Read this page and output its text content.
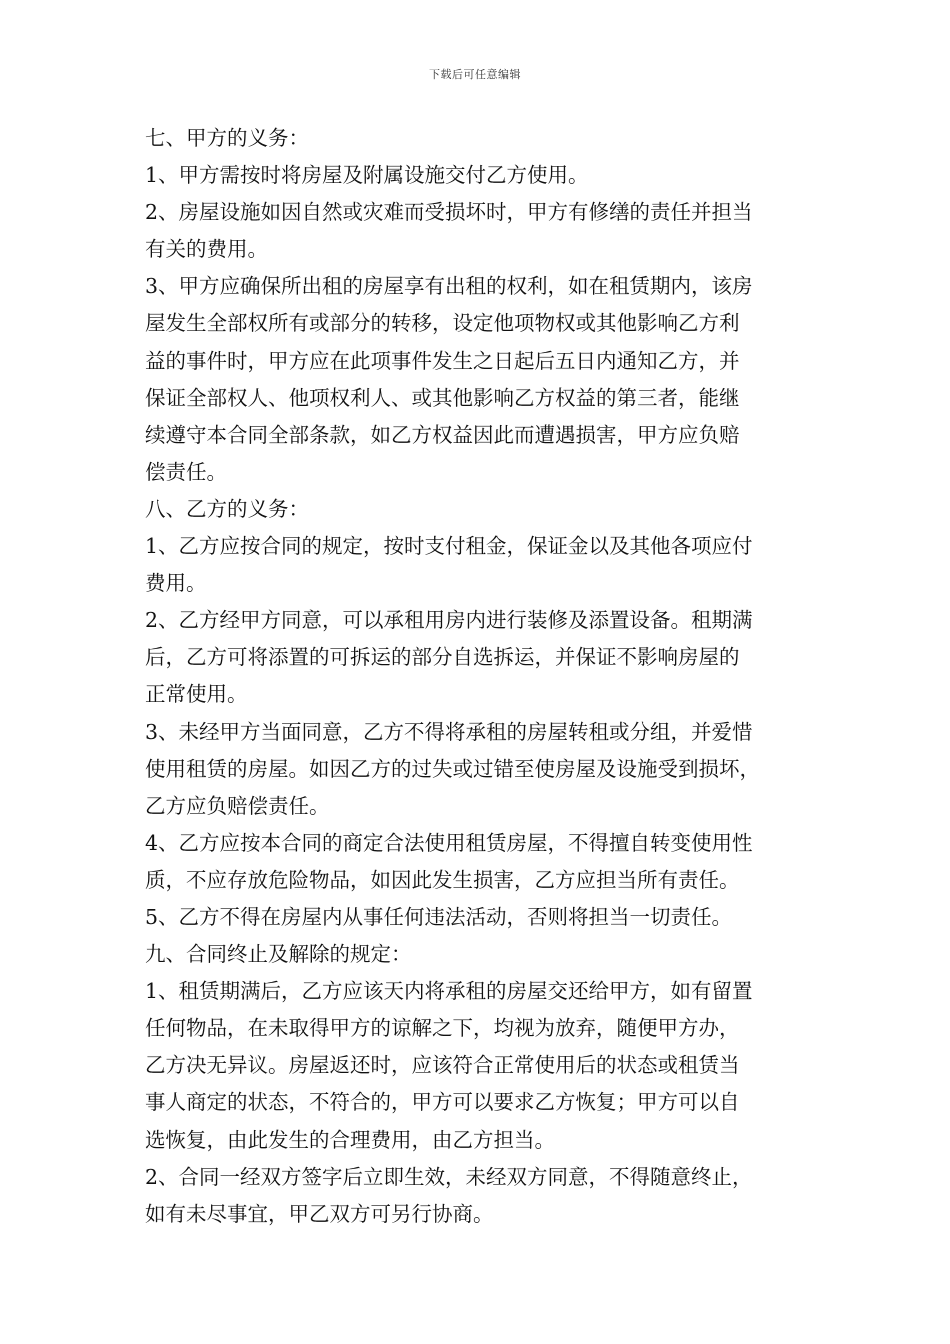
下载后可任意编辑
七、甲方的义务：
1、甲方需按时将房屋及附属设施交付乙方使用。
2、房屋设施如因自然或灾难而受损坏时，甲方有修缮的责任并担当
有关的费用。
3、甲方应确保所出租的房屋享有出租的权利，如在租赁期内，该房
屋发生全部权所有或部分的转移，设定他项物权或其他影响乙方利
益的事件时，甲方应在此项事件发生之日起后五日内通知乙方，并
保证全部权人、他项权利人、或其他影响乙方权益的第三者，能继
续遵守本合同全部条款，如乙方权益因此而遭遇损害，甲方应负赔
偿责任。
八、乙方的义务：
1、乙方应按合同的规定，按时支付租金，保证金以及其他各项应付
费用。
2、乙方经甲方同意，可以承租用房内进行装修及添置设备。租期满
后，乙方可将添置的可拆运的部分自选拆运，并保证不影响房屋的
正常使用。
3、未经甲方当面同意，乙方不得将承租的房屋转租或分组，并爱惜
使用租赁的房屋。如因乙方的过失或过错至使房屋及设施受到损坏，
乙方应负赔偿责任。
4、乙方应按本合同的商定合法使用租赁房屋，不得擅自转变使用性
质，不应存放危险物品，如因此发生损害，乙方应担当所有责任。
5、乙方不得在房屋内从事任何违法活动，否则将担当一切责任。
九、合同终止及解除的规定：
1、租赁期满后，乙方应该天内将承租的房屋交还给甲方，如有留置
任何物品，在未取得甲方的谅解之下，均视为放弃，随便甲方办，
乙方决无异议。房屋返还时，应该符合正常使用后的状态或租赁当
事人商定的状态，不符合的，甲方可以要求乙方恢复；甲方可以自
选恢复，由此发生的合理费用，由乙方担当。
2、合同一经双方签字后立即生效，未经双方同意，不得随意终止，
如有未尽事宜，甲乙双方可另行协商。
